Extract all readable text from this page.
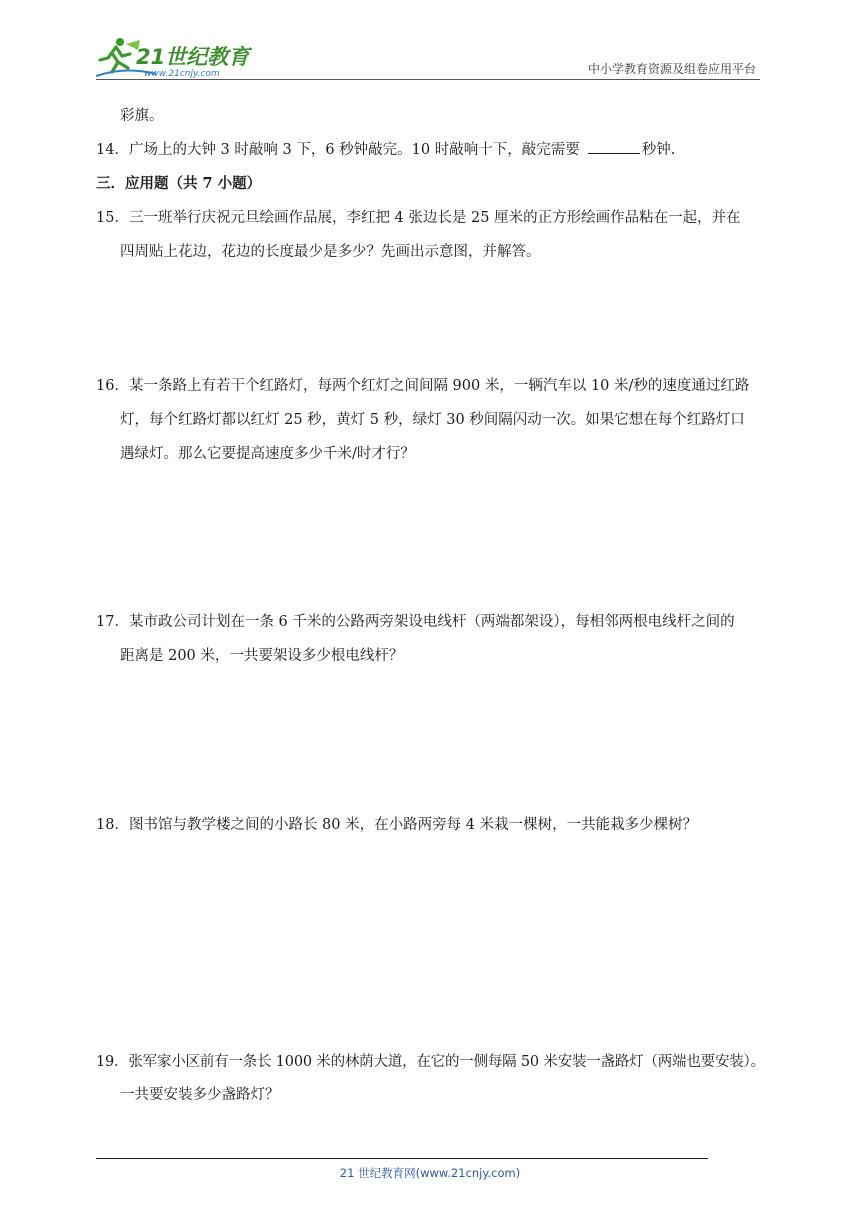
21世纪教育
www.21cnjy.com	中小学教育资源及组卷应用平台
彩旗。
14．广场上的大钟 3 时敲响 3 下，6 秒钟敲完。10 时敲响十下，敲完需要	秒钟.
三．应用题（共 7 小题）
15．三一班举行庆祝元旦绘画作品展，李红把 4 张边长是 25 厘米的正方形绘画作品粘在一起，并在
四周贴上花边，花边的长度最少是多少？先画出示意图，并解答。
16．某一条路上有若干个红路灯，每两个红灯之间间隔 900 米，一辆汽车以 10 米/秒的速度通过红路
灯，每个红路灯都以红灯 25 秒，黄灯 5 秒，绿灯 30 秒间隔闪动一次。如果它想在每个红路灯口
遇绿灯。那么它要提高速度多少千米/时才行？
17．某市政公司计划在一条 6 千米的公路两旁架设电线杆（两端都架设），每相邻两根电线杆之间的
距离是 200 米，一共要架设多少根电线杆？
18．图书馆与教学楼之间的小路长 80 米，在小路两旁每 4 米栽一棵树，一共能栽多少棵树？
19．张军家小区前有一条长 1000 米的林荫大道，在它的一侧每隔 50 米安装一盏路灯（两端也要安装）。
一共要安装多少盏路灯？
21 世纪教育网(www.21cnjy.com)
